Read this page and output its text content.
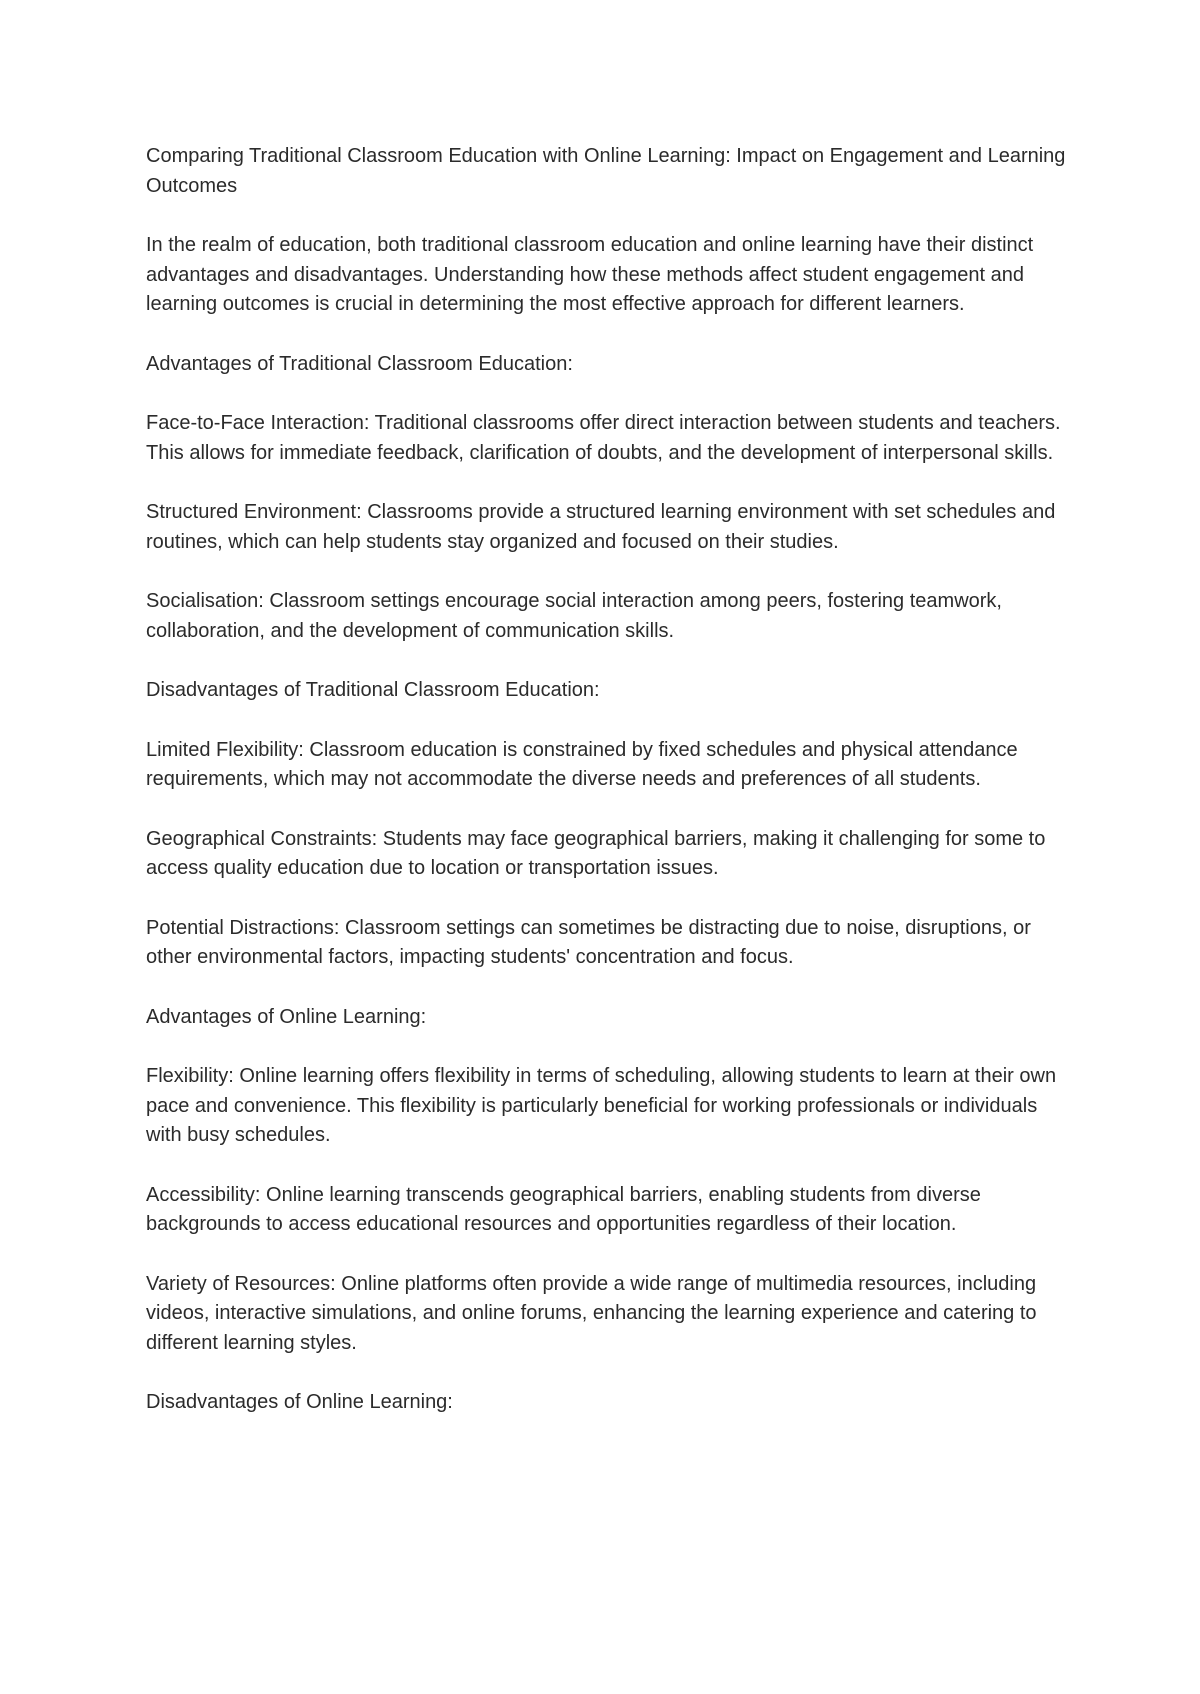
Comparing Traditional Classroom Education with Online Learning: Impact on Engagement and Learning Outcomes

In the realm of education, both traditional classroom education and online learning have their distinct advantages and disadvantages. Understanding how these methods affect student engagement and learning outcomes is crucial in determining the most effective approach for different learners.

Advantages of Traditional Classroom Education:

Face-to-Face Interaction: Traditional classrooms offer direct interaction between students and teachers. This allows for immediate feedback, clarification of doubts, and the development of interpersonal skills.

Structured Environment: Classrooms provide a structured learning environment with set schedules and routines, which can help students stay organized and focused on their studies.

Socialisation: Classroom settings encourage social interaction among peers, fostering teamwork, collaboration, and the development of communication skills.

Disadvantages of Traditional Classroom Education:

Limited Flexibility: Classroom education is constrained by fixed schedules and physical attendance requirements, which may not accommodate the diverse needs and preferences of all students.

Geographical Constraints: Students may face geographical barriers, making it challenging for some to access quality education due to location or transportation issues.

Potential Distractions: Classroom settings can sometimes be distracting due to noise, disruptions, or other environmental factors, impacting students' concentration and focus.

Advantages of Online Learning:

Flexibility: Online learning offers flexibility in terms of scheduling, allowing students to learn at their own pace and convenience. This flexibility is particularly beneficial for working professionals or individuals with busy schedules.

Accessibility: Online learning transcends geographical barriers, enabling students from diverse backgrounds to access educational resources and opportunities regardless of their location.

Variety of Resources: Online platforms often provide a wide range of multimedia resources, including videos, interactive simulations, and online forums, enhancing the learning experience and catering to different learning styles.

Disadvantages of Online Learning:
